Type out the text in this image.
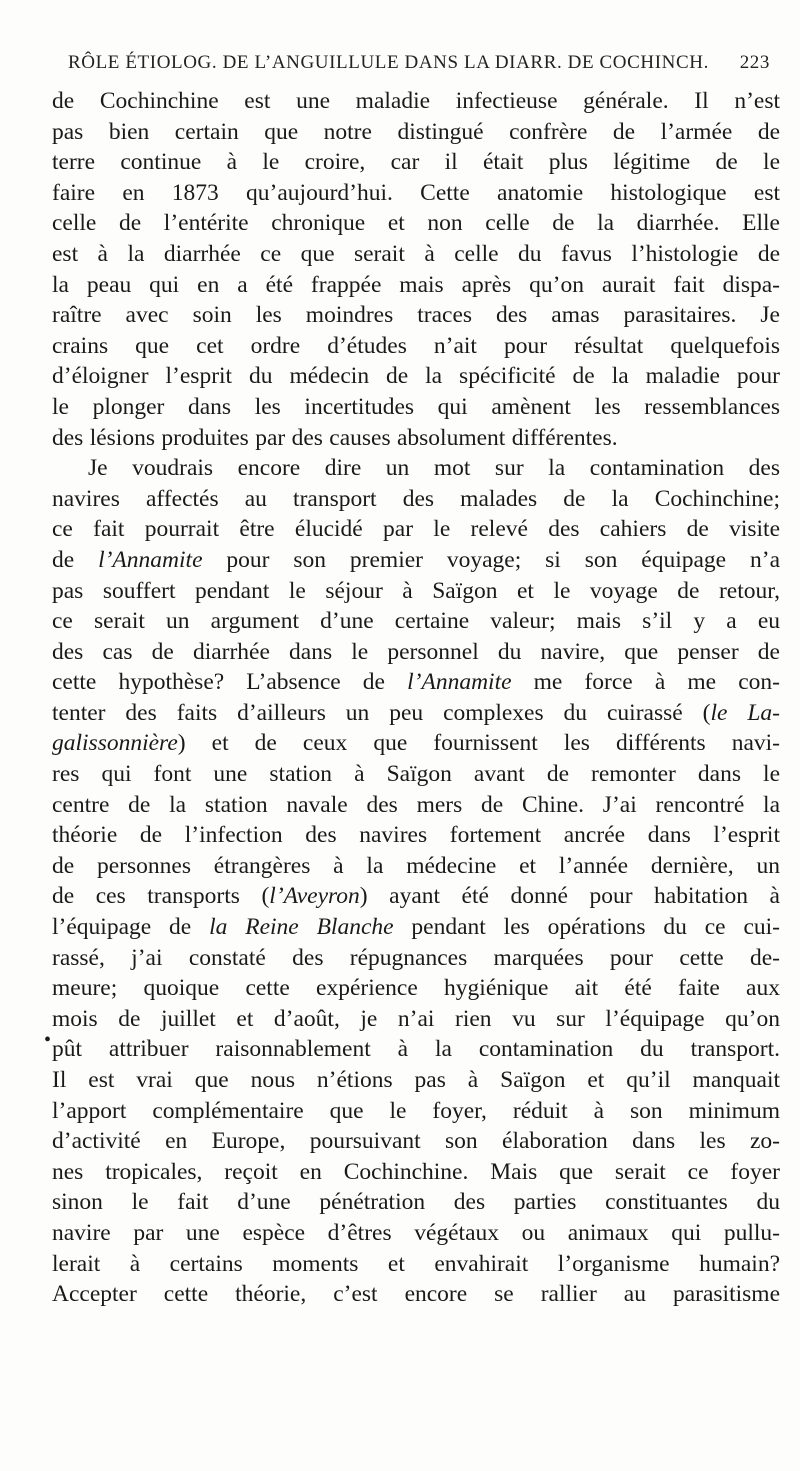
RÔLE ÉTIOLOG. DE L’ANGUILLULE DANS LA DIARR. DE COCHINCH. 223
•
de Cochinchine est une maladie infectieuse générale. Il n’est
pas bien certain que notre distingué confrère de l’armée de
terre continue à le croire, car il était plus légitime de le
faire en 1873 qu’aujourd’hui. Cette anatomie histologique est
celle de l’entérite chronique et non celle de la diarrhée. Elle
est à la diarrhée ce que serait à celle du favus l’histologie de
la peau qui en a été frappée mais après qu’on aurait fait dispa-
raître avec soin les moindres traces des amas parasitaires. Je
crains que cet ordre d’études n’ait pour résultat quelquefois
d’éloigner l’esprit du médecin de la spécificité de la maladie pour
le plonger dans les incertitudes qui amènent les ressemblances
des lésions produites par des causes absolument différentes.
Je voudrais encore dire un mot sur la contamination des
navires affectés au transport des malades de la Cochinchine;
ce fait pourrait être élucidé par le relevé des cahiers de visite
de l’Annamite pour son premier voyage; si son équipage n’a
pas souffert pendant le séjour à Saïgon et le voyage de retour,
ce serait un argument d’une certaine valeur; mais s’il y a eu
des cas de diarrhée dans le personnel du navire, que penser de
cette hypothèse? L’absence de l’Annamite me force à me con-
tenter des faits d’ailleurs un peu complexes du cuirassé (le La-
galissonnière) et de ceux que fournissent les différents navi-
res qui font une station à Saïgon avant de remonter dans le
centre de la station navale des mers de Chine. J’ai rencontré la
théorie de l’infection des navires fortement ancrée dans l’esprit
de personnes étrangères à la médecine et l’année dernière, un
de ces transports (l’Aveyron) ayant été donné pour habitation à
l’équipage de la Reine Blanche pendant les opérations du ce cui-
rassé, j’ai constaté des répugnances marquées pour cette de-
meure; quoique cette expérience hygiénique ait été faite aux
mois de juillet et d’août, je n’ai rien vu sur l’équipage qu’on
pût attribuer raisonnablement à la contamination du transport.
Il est vrai que nous n’étions pas à Saïgon et qu’il manquait
l’apport complémentaire que le foyer, réduit à son minimum
d’activité en Europe, poursuivant son élaboration dans les zo-
nes tropicales, reçoit en Cochinchine. Mais que serait ce foyer
sinon le fait d’une pénétration des parties constituantes du
navire par une espèce d’êtres végétaux ou animaux qui pullu-
lerait à certains moments et envahirait l’organisme humain?
Accepter cette théorie, c’est encore se rallier au parasitisme
